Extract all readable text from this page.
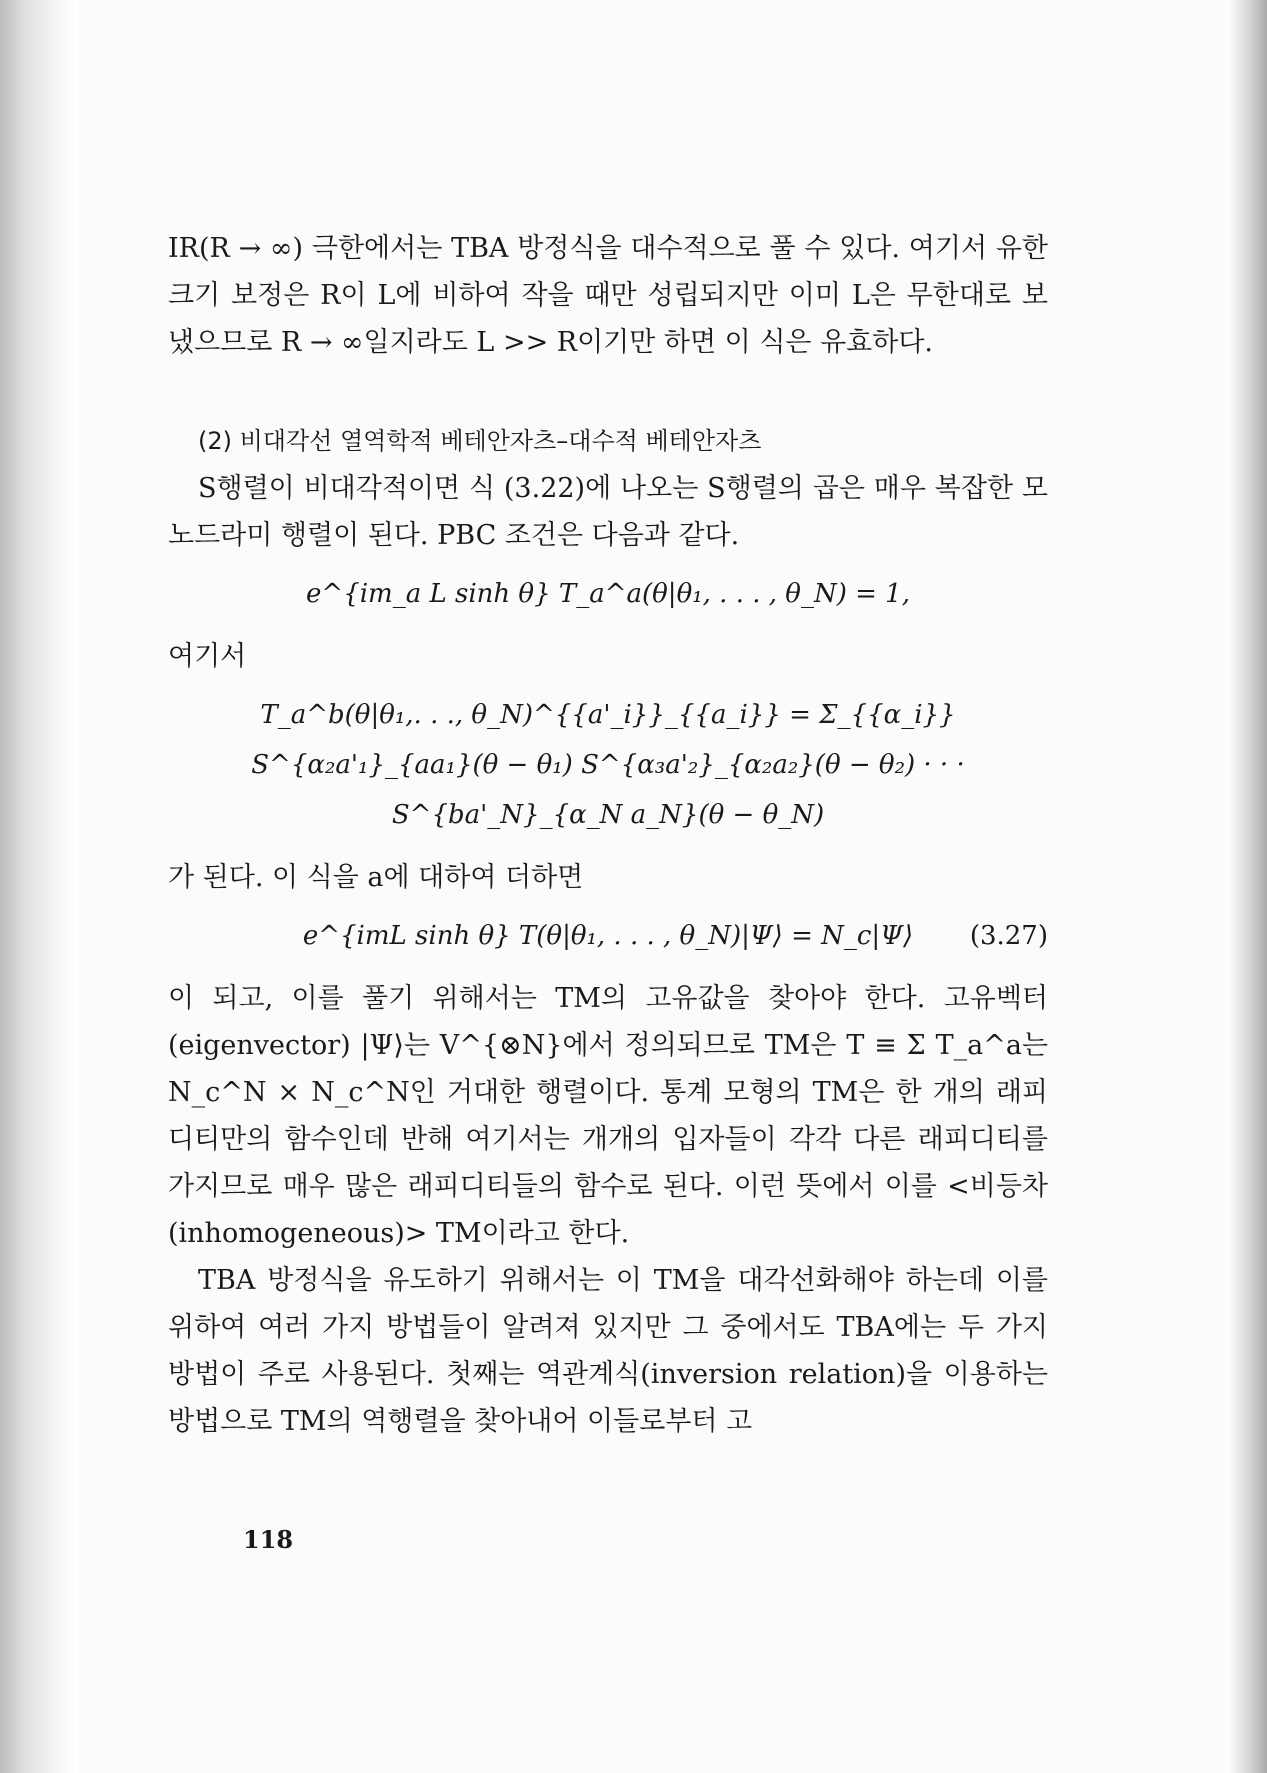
IR(R → ∞) 극한에서는 TBA 방정식을 대수적으로 풀 수 있다. 여기서 유한 크기 보정은 R이 L에 비하여 작을 때만 성립되지만 이미 L은 무한대로 보냈으므로 R → ∞일지라도 L >> R이기만 하면 이 식은 유효하다.

(2) 비대각선 열역학적 베테안자츠–대수적 베테안자츠

S행렬이 비대각적이면 식 (3.22)에 나오는 S행렬의 곱은 매우 복잡한 모노드라미 행렬이 된다. PBC 조건은 다음과 같다.

e^{im_a L sinh θ} T_a^a(θ|θ₁, . . . , θ_N) = 1,

여기서

T_a^b(θ|θ₁,. . ., θ_N)^{{a'_i}}_{{a_i}} = Σ_{{α_i}} S^{α₂a'₁}_{aa₁}(θ − θ₁) S^{α₃a'₂}_{α₂a₂}(θ − θ₂) · · · S^{ba'_N}_{α_N a_N}(θ − θ_N)

가 된다. 이 식을 a에 대하여 더하면

e^{imL sinh θ} T(θ|θ₁, . . . , θ_N)|Ψ⟩ = N_c|Ψ⟩ (3.27)

이 되고, 이를 풀기 위해서는 TM의 고유값을 찾아야 한다. 고유벡터(eigenvector) |Ψ⟩는 V^{⊗N}에서 정의되므로 TM은 T ≡ Σ T_a^a는 N_c^N × N_c^N인 거대한 행렬이다. 통계 모형의 TM은 한 개의 래피디티만의 함수인데 반해 여기서는 개개의 입자들이 각각 다른 래피디티를 가지므로 매우 많은 래피디티들의 함수로 된다. 이런 뜻에서 이를 <비등차(inhomogeneous)> TM이라고 한다.

TBA 방정식을 유도하기 위해서는 이 TM을 대각선화해야 하는데 이를 위하여 여러 가지 방법들이 알려져 있지만 그 중에서도 TBA에는 두 가지 방법이 주로 사용된다. 첫째는 역관계식(inversion relation)을 이용하는 방법으로 TM의 역행렬을 찾아내어 이들로부터 고

118
